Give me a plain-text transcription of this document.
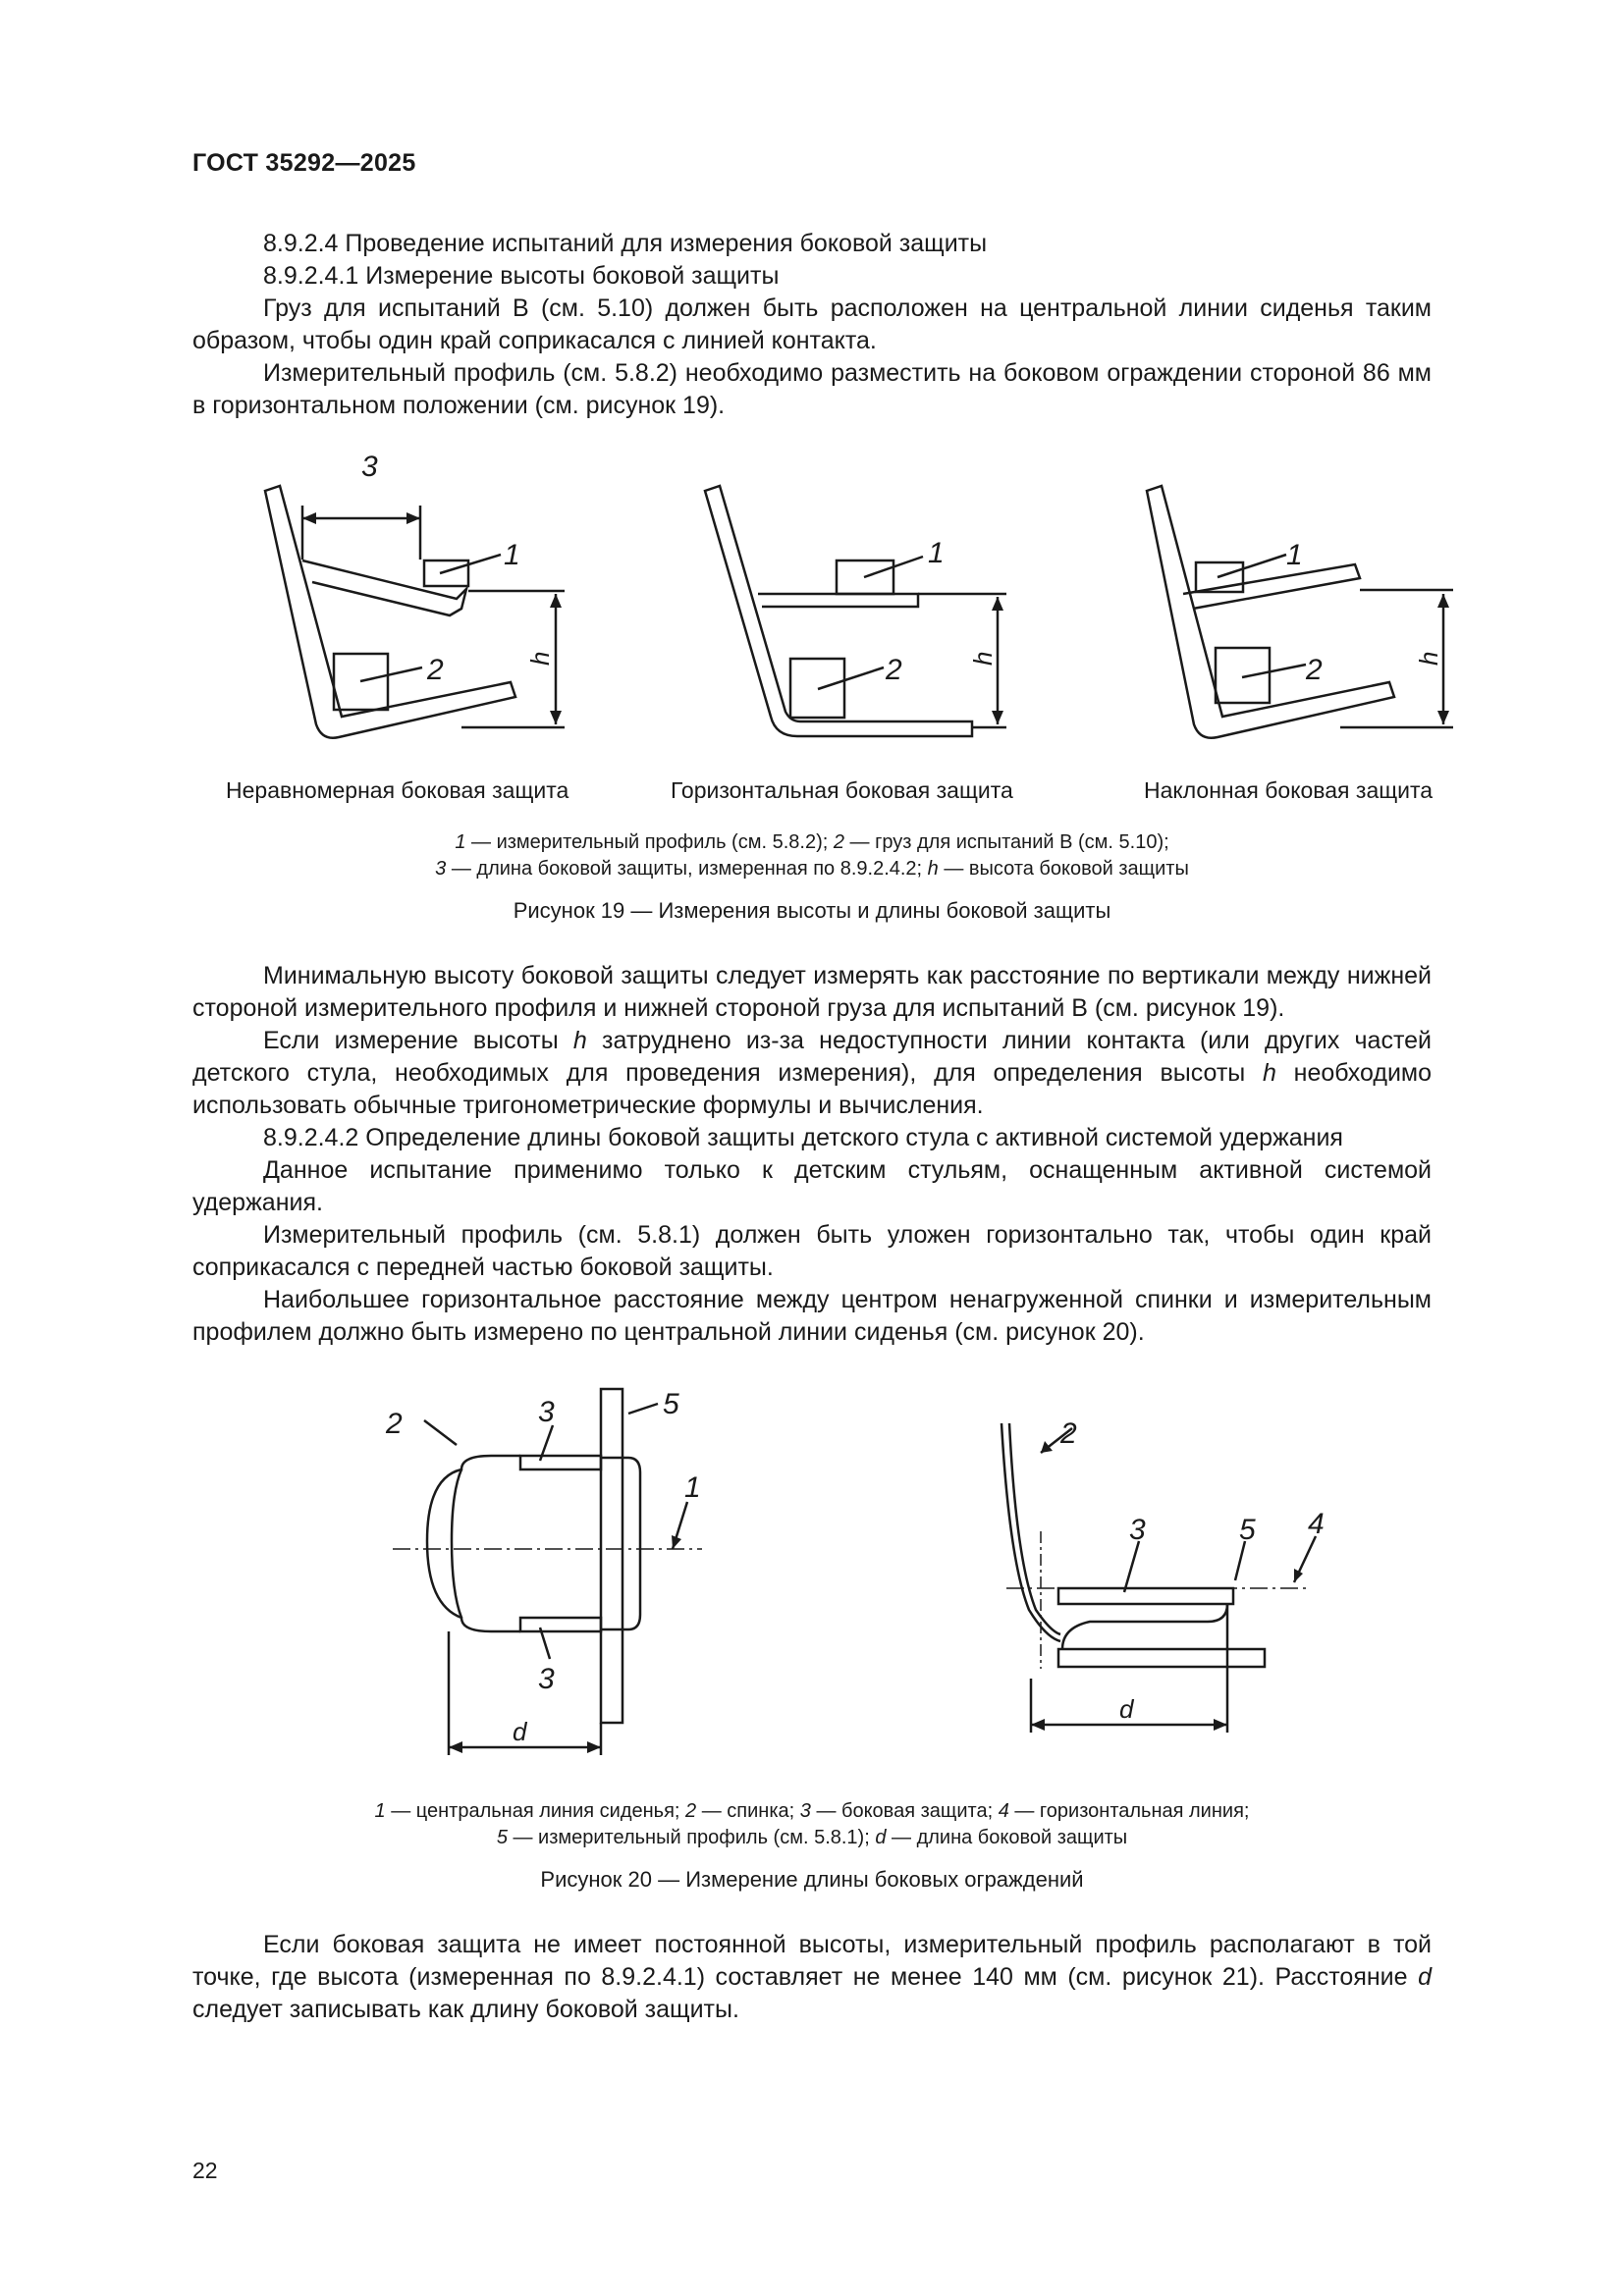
ГОСТ 35292—2025

8.9.2.4 Проведение испытаний для измерения боковой защиты

8.9.2.4.1 Измерение высоты боковой защиты

Груз для испытаний В (см. 5.10) должен быть расположен на центральной линии сиденья таким образом, чтобы один край соприкасался с линией контакта.

Измерительный профиль (см. 5.8.2) необходимо разместить на боковом ограждении стороной 86 мм в горизонтальном положении (см. рисунок 19).

3
1
2	h
1
2	h
1
2	h
Неравномерная боковая защита	Горизонтальная боковая защита	Наклонная боковая защита
1 — измерительный профиль (см. 5.8.2); 2 — груз для испытаний В (см. 5.10);
3 — длина боковой защиты, измеренная по 8.9.2.4.2; h — высота боковой защиты
Рисунок 19 — Измерения высоты и длины боковой защиты

Минимальную высоту боковой защиты следует измерять как расстояние по вертикали между нижней стороной измерительного профиля и нижней стороной груза для испытаний В (см. рисунок 19).

Если измерение высоты h затруднено из-за недоступности линии контакта (или других частей детского стула, необходимых для проведения измерения), для определения высоты h необходимо использовать обычные тригонометрические формулы и вычисления.

8.9.2.4.2 Определение длины боковой защиты детского стула с активной системой удержания

Данное испытание применимо только к детским стульям, оснащенным активной системой удержания.

Измерительный профиль (см. 5.8.1) должен быть уложен горизонтально так, чтобы один край соприкасался с передней частью боковой защиты.

Наибольшее горизонтальное расстояние между центром ненагруженной спинки и измерительным профилем должно быть измерено по центральной линии сиденья (см. рисунок 20).

3
3
2
5
1
d
2
3	5 4
d
1 — центральная линия сиденья; 2 — спинка; 3 — боковая защита; 4 — горизонтальная линия;
5 — измерительный профиль (см. 5.8.1); d — длина боковой защиты
Рисунок 20 — Измерение длины боковых ограждений

Если боковая защита не имеет постоянной высоты, измерительный профиль располагают в той точке, где высота (измеренная по 8.9.2.4.1) составляет не менее 140 мм (см. рисунок 21). Расстояние d следует записывать как длину боковой защиты.

22
